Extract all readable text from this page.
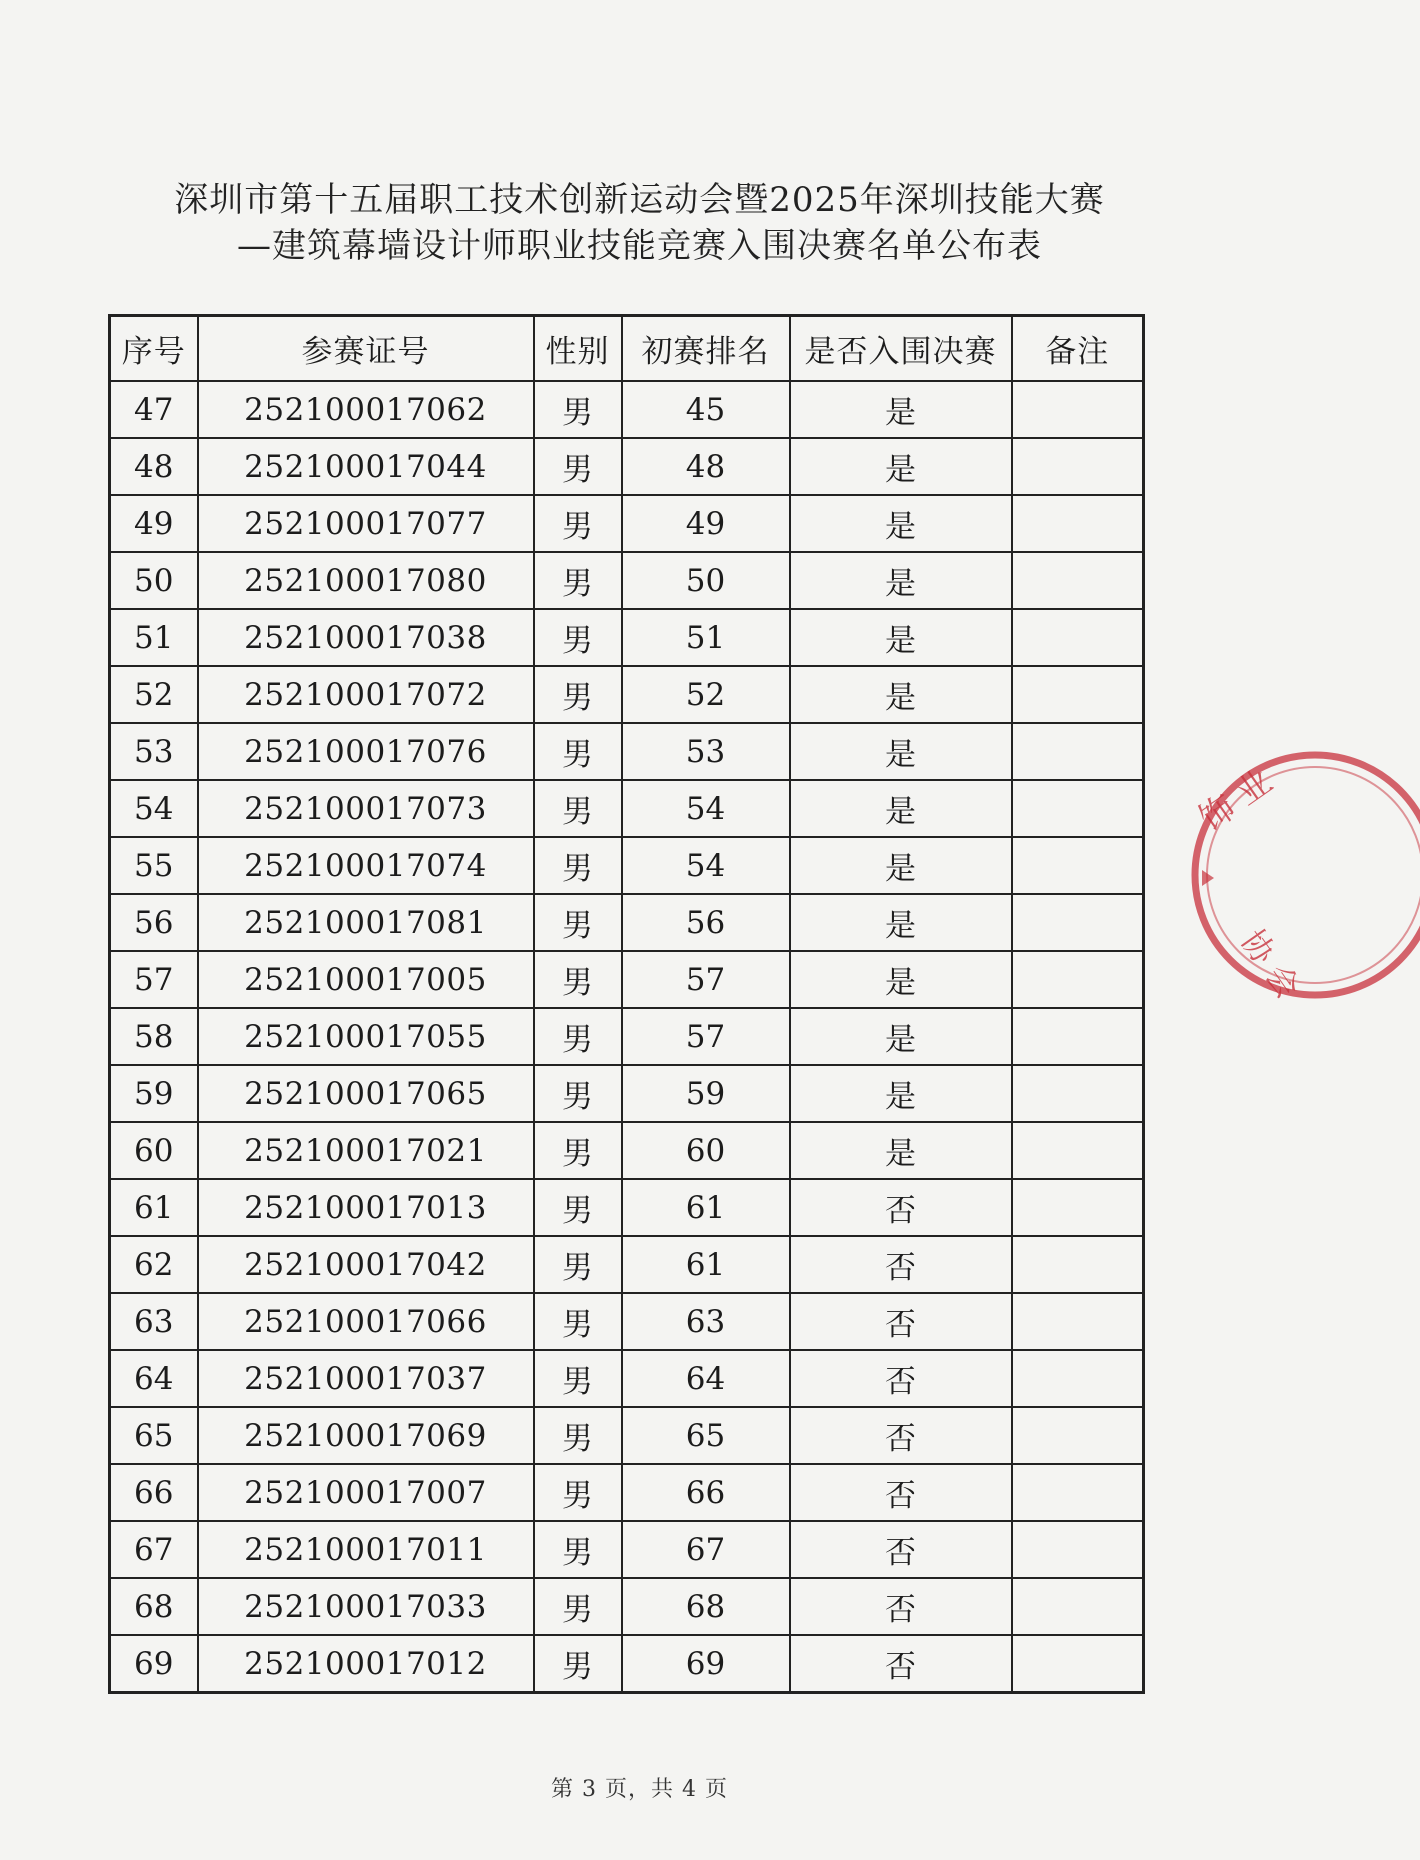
深圳市第十五届职工技术创新运动会暨2025年深圳技能大赛
—建筑幕墙设计师职业技能竞赛入围决赛名单公布表
序号	参赛证号	性别	初赛排名	是否入围决赛	备注
47	252100017062	男	45	是	
48	252100017044	男	48	是	
49	252100017077	男	49	是	
50	252100017080	男	50	是	
51	252100017038	男	51	是	
52	252100017072	男	52	是	
53	252100017076	男	53	是	
54	252100017073	男	54	是	
55	252100017074	男	54	是	
56	252100017081	男	56	是	
57	252100017005	男	57	是	
58	252100017055	男	57	是	
59	252100017065	男	59	是	
60	252100017021	男	60	是	
61	252100017013	男	61	否	
62	252100017042	男	61	否	
63	252100017066	男	63	否	
64	252100017037	男	64	否	
65	252100017069	男	65	否	
66	252100017007	男	66	否	
67	252100017011	男	67	否	
68	252100017033	男	68	否	
69	252100017012	男	69	否	
第 3 页，共 4 页
饰 业
协 会
